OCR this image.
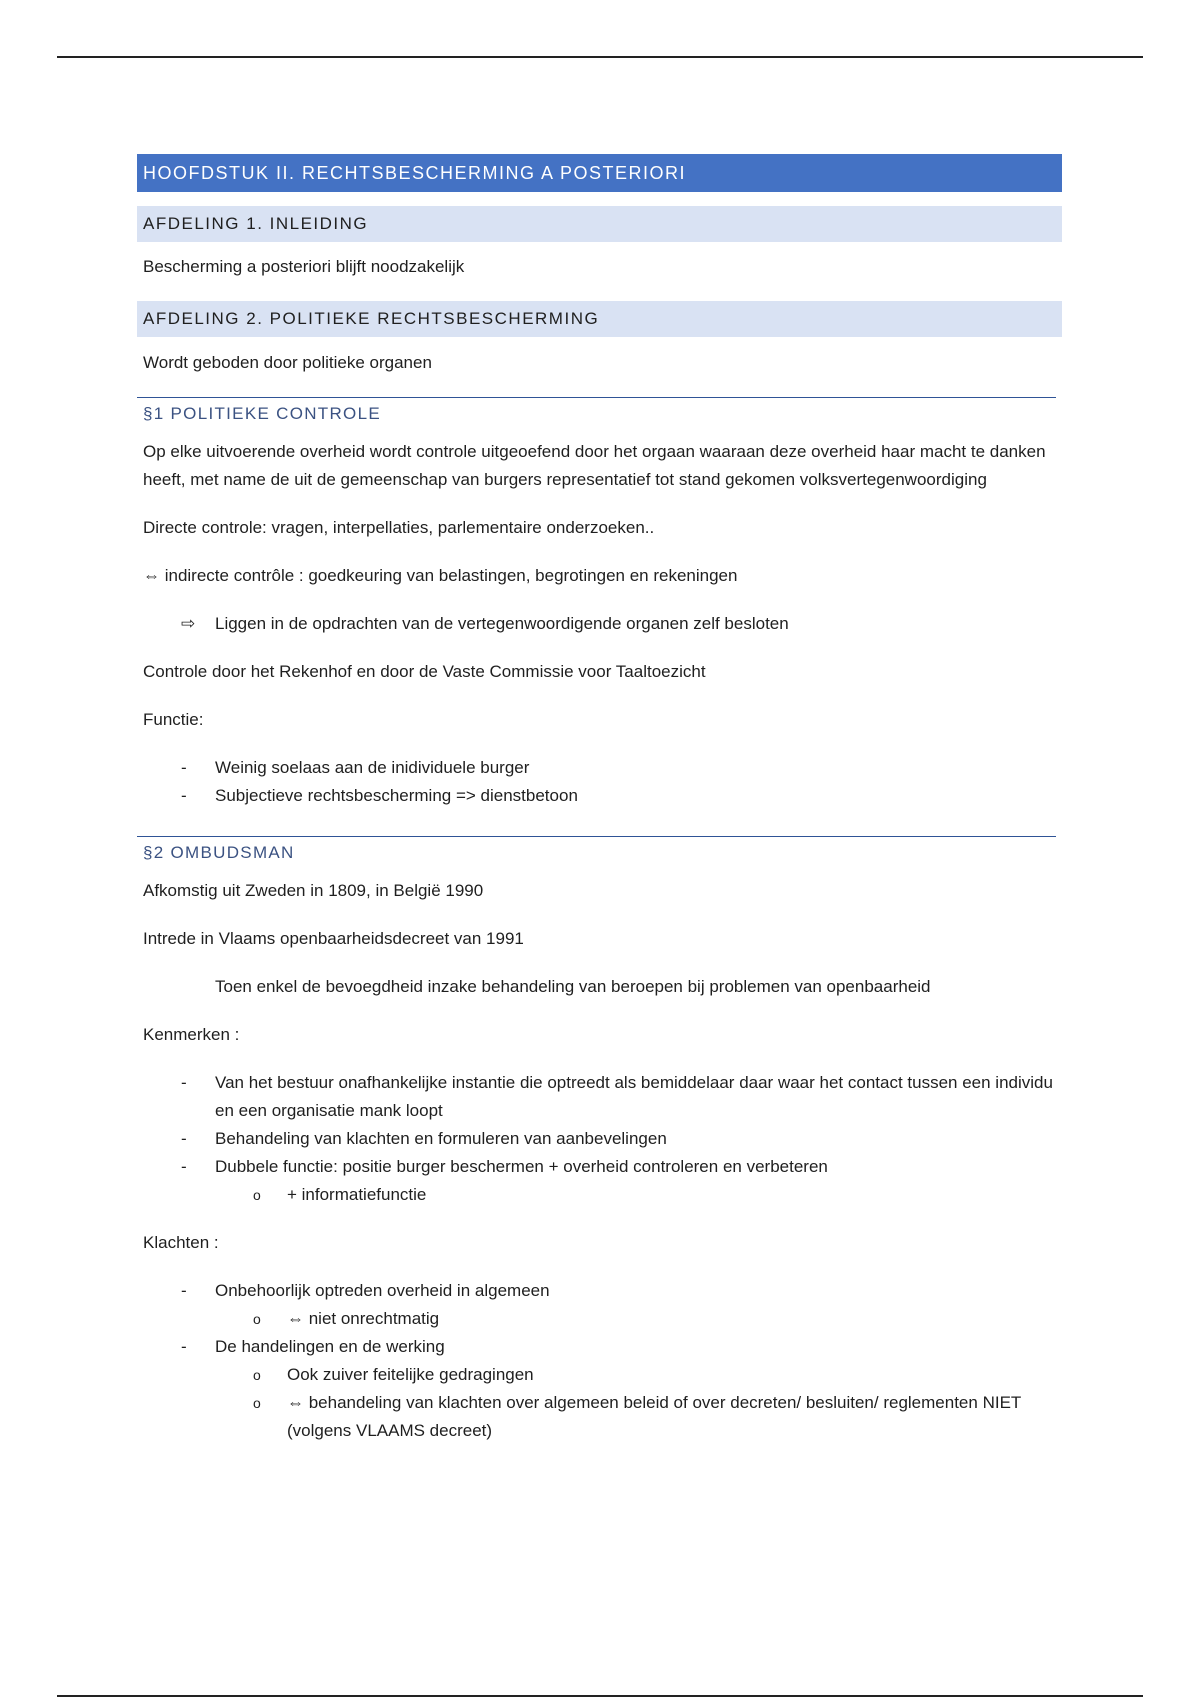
HOOFDSTUK II. RECHTSBESCHERMING A POSTERIORI
AFDELING 1. INLEIDING

Bescherming a posteriori blijft noodzakelijk

AFDELING 2. POLITIEKE RECHTSBESCHERMING

Wordt geboden door politieke organen

§1 POLITIEKE CONTROLE

Op elke uitvoerende overheid wordt controle uitgeoefend door het orgaan waaraan deze overheid haar macht te danken heeft, met name de uit de gemeenschap van burgers representatief tot stand gekomen volksvertegenwoordiging

Directe controle: vragen, interpellaties, parlementaire onderzoeken..

⇔ indirecte contrôle : goedkeuring van belastingen, begrotingen en rekeningen

⇨ Liggen in de opdrachten van de vertegenwoordigende organen zelf besloten

Controle door het Rekenhof en door de Vaste Commissie voor Taaltoezicht

Functie:

- Weinig soelaas aan de inidividuele burger
- Subjectieve rechtsbescherming => dienstbetoon
§2 OMBUDSMAN

Afkomstig uit Zweden in 1809, in België 1990

Intrede in Vlaams openbaarheidsdecreet van 1991

Toen enkel de bevoegdheid inzake behandeling van beroepen bij problemen van openbaarheid

Kenmerken :

- Van het bestuur onafhankelijke instantie die optreedt als bemiddelaar daar waar het contact tussen een individu en een organisatie mank loopt
- Behandeling van klachten en formuleren van aanbevelingen
- Dubbele functie: positie burger beschermen + overheid controleren en verbeteren
o + informatiefunctie

Klachten :

- Onbehoorlijk optreden overheid in algemeen
o ⇔ niet onrechtmatig
- De handelingen en de werking
o Ook zuiver feitelijke gedragingen
o ⇔ behandeling van klachten over algemeen beleid of over decreten/ besluiten/ reglementen NIET (volgens VLAAMS decreet)
